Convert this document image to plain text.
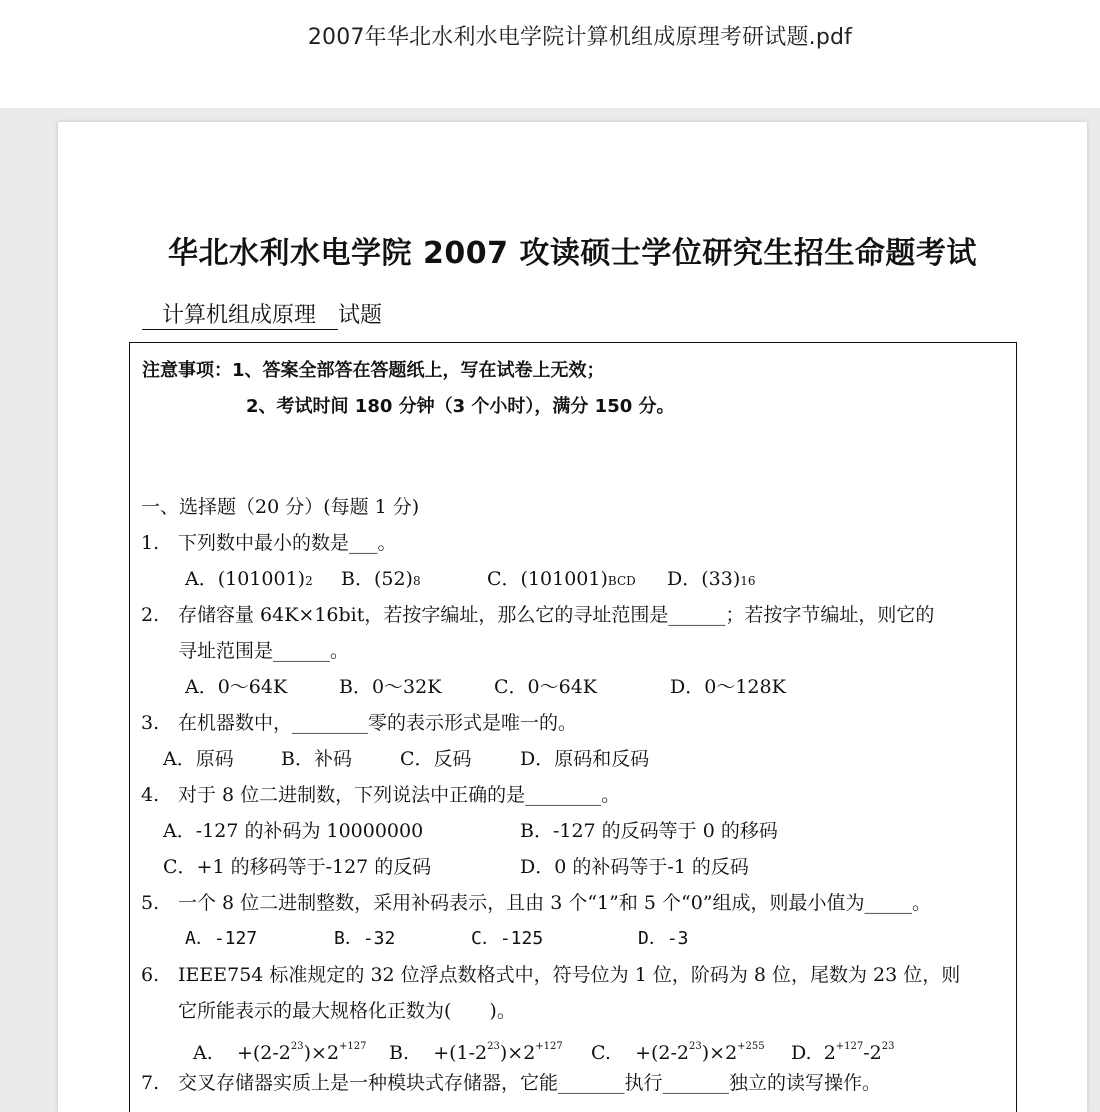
2007年华北水利水电学院计算机组成原理考研试题.pdf
华北水利水电学院 2007 攻读硕士学位研究生招生命题考试
计算机组成原理 试题
注意事项：1、答案全部答在答题纸上，写在试卷上无效；
2、考试时间 180 分钟（3 个小时），满分 150 分。
一、选择题（20 分）(每题 1 分)
1. 下列数中最小的数是___。
A．(101001)2 B．(52)8	C．(101001)BCD D．(33)16
2. 存储容量 64K×16bit，若按字编址，那么它的寻址范围是______；若按字节编址，则它的
寻址范围是______。
A．0～64K	B．0～32K	C．0～64K	D．0～128K
3. 在机器数中，________零的表示形式是唯一的。
A．原码 B．补码	C．反码	D．原码和反码
4. 对于 8 位二进制数，下列说法中正确的是________。
A．-127 的补码为 10000000	B．-127 的反码等于 0 的移码
C．+1 的移码等于-127 的反码	D．0 的补码等于-1 的反码
5. 一个 8 位二进制整数，采用补码表示，且由 3 个“1”和 5 个“0”组成，则最小值为_____。
A．-127	B．-32	C．-125	D．-3
6. IEEE754 标准规定的 32 位浮点数格式中，符号位为 1 位，阶码为 8 位，尾数为 23 位，则
它所能表示的最大规格化正数为(　　)。
A. $+(2-2^{23})\times 2^{+127}$ B. $+(1-2^{23})\times 2^{+127}$ C. $+(2-2^{23})\times 2^{+255}$ D. $2^{+127}-2^{23}$
7. 交叉存储器实质上是一种模块式存储器，它能_______执行_______独立的读写操作。
